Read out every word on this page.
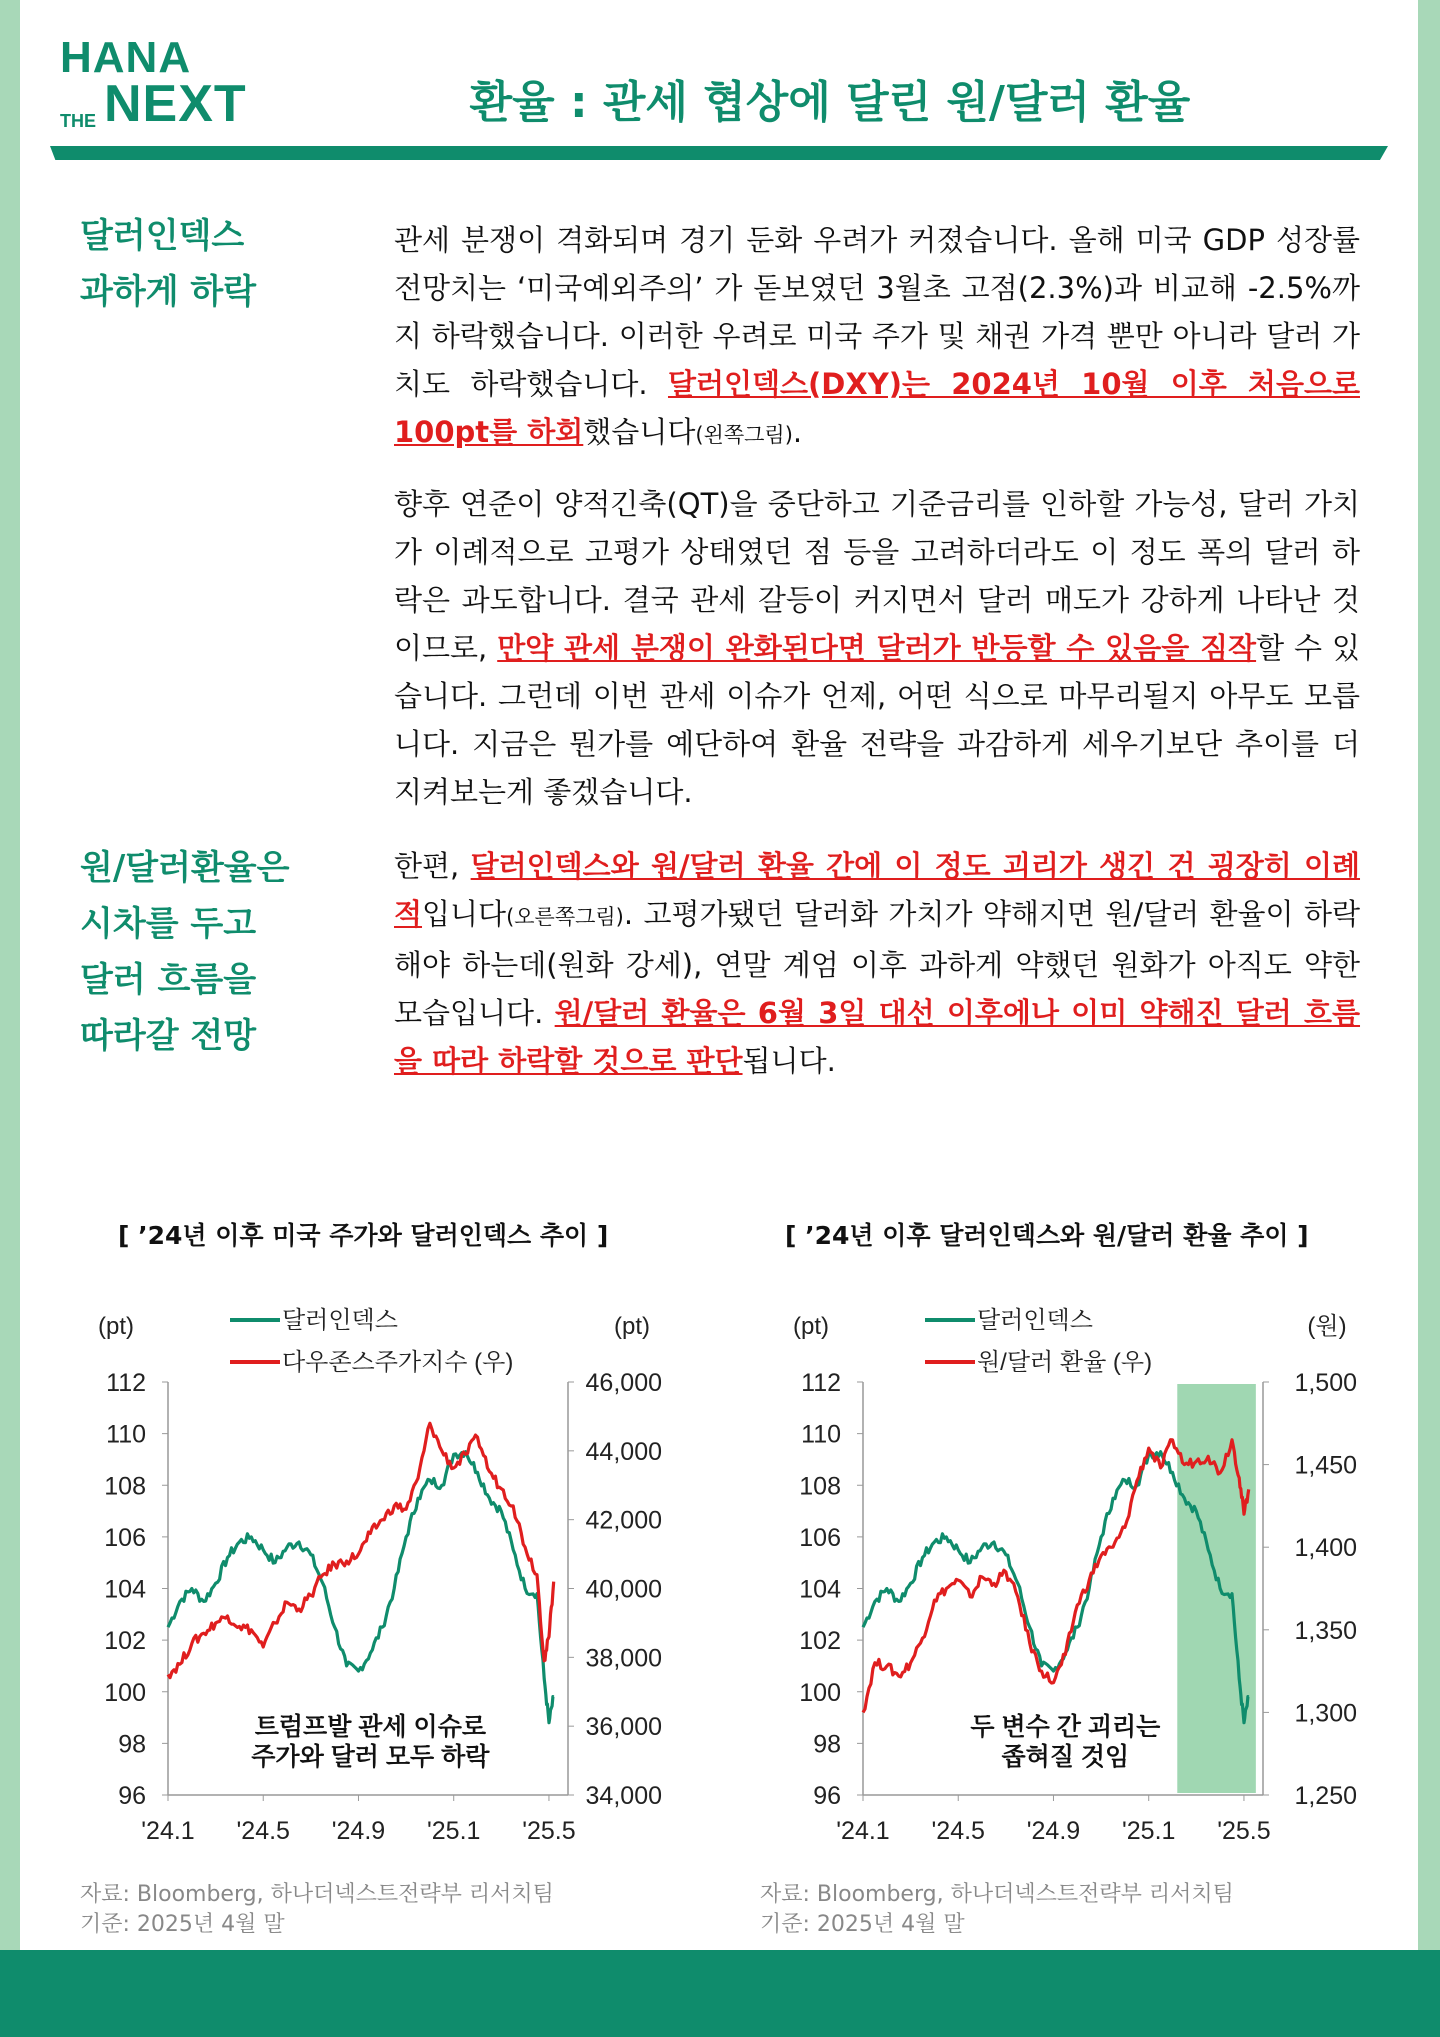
HANA
THE NEXT	환율 : 관세 협상에 달린 원/달러 환율
달러인덱스
과하게 하락
관세 분쟁이 격화되며 경기 둔화 우려가 커졌습니다. 올해 미국 GDP 성장률 전망치는 ‘미국예외주의’ 가 돋보였던 3월초 고점(2.3%)과 비교해 -2.5%까지 하락했습니다. 이러한 우려로 미국 주가 및 채권 가격 뿐만 아니라 달러 가치도 하락했습니다. 달러인덱스(DXY)는 2024년 10월 이후 처음으로 100pt를 하회했습니다(왼쪽그림).
향후 연준이 양적긴축(QT)을 중단하고 기준금리를 인하할 가능성, 달러 가치가 이례적으로 고평가 상태였던 점 등을 고려하더라도 이 정도 폭의 달러 하락은 과도합니다. 결국 관세 갈등이 커지면서 달러 매도가 강하게 나타난 것이므로, 만약 관세 분쟁이 완화된다면 달러가 반등할 수 있음을 짐작할 수 있습니다. 그런데 이번 관세 이슈가 언제, 어떤 식으로 마무리될지 아무도 모릅니다. 지금은 뭔가를 예단하여 환율 전략을 과감하게 세우기보단 추이를 더 지켜보는게 좋겠습니다.
원/달러환율은
시차를 두고
달러 흐름을
따라갈 전망
한편, 달러인덱스와 원/달러 환율 간에 이 정도 괴리가 생긴 건 굉장히 이례적입니다(오른쪽그림). 고평가됐던 달러화 가치가 약해지면 원/달러 환율이 하락해야 하는데(원화 강세), 연말 계엄 이후 과하게 약했던 원화가 아직도 약한 모습입니다. 원/달러 환율은 6월 3일 대선 이후에나 이미 약해진 달러 흐름을 따라 하락할 것으로 판단됩니다.
[ ’24년 이후 미국 주가와 달러인덱스 추이 ]	[ ’24년 이후 달러인덱스와 원/달러 환율 추이 ]
(pt)	(pt)
112
110
108
106
104
102
100
98
96
46,000
44,000
42,000
40,000
38,000
36,000
34,000
'24.1 '24.5 '24.9 '25.1 '25.5
달러인덱스
다우존스주가지수 (우)
트럼프발 관세 이슈로
주가와 달러 모두 하락
(pt)	(원)
112
110
108
106
104
102
100
98
96
1,500
1,450
1,400
1,350
1,300
1,250
'24.1 '24.5 '24.9 '25.1 '25.5
달러인덱스
원/달러 환율 (우)
두 변수 간 괴리는
좁혀질 것임
자료: Bloomberg, 하나더넥스트전략부 리서치팀
기준: 2025년 4월 말
자료: Bloomberg, 하나더넥스트전략부 리서치팀
기준: 2025년 4월 말
